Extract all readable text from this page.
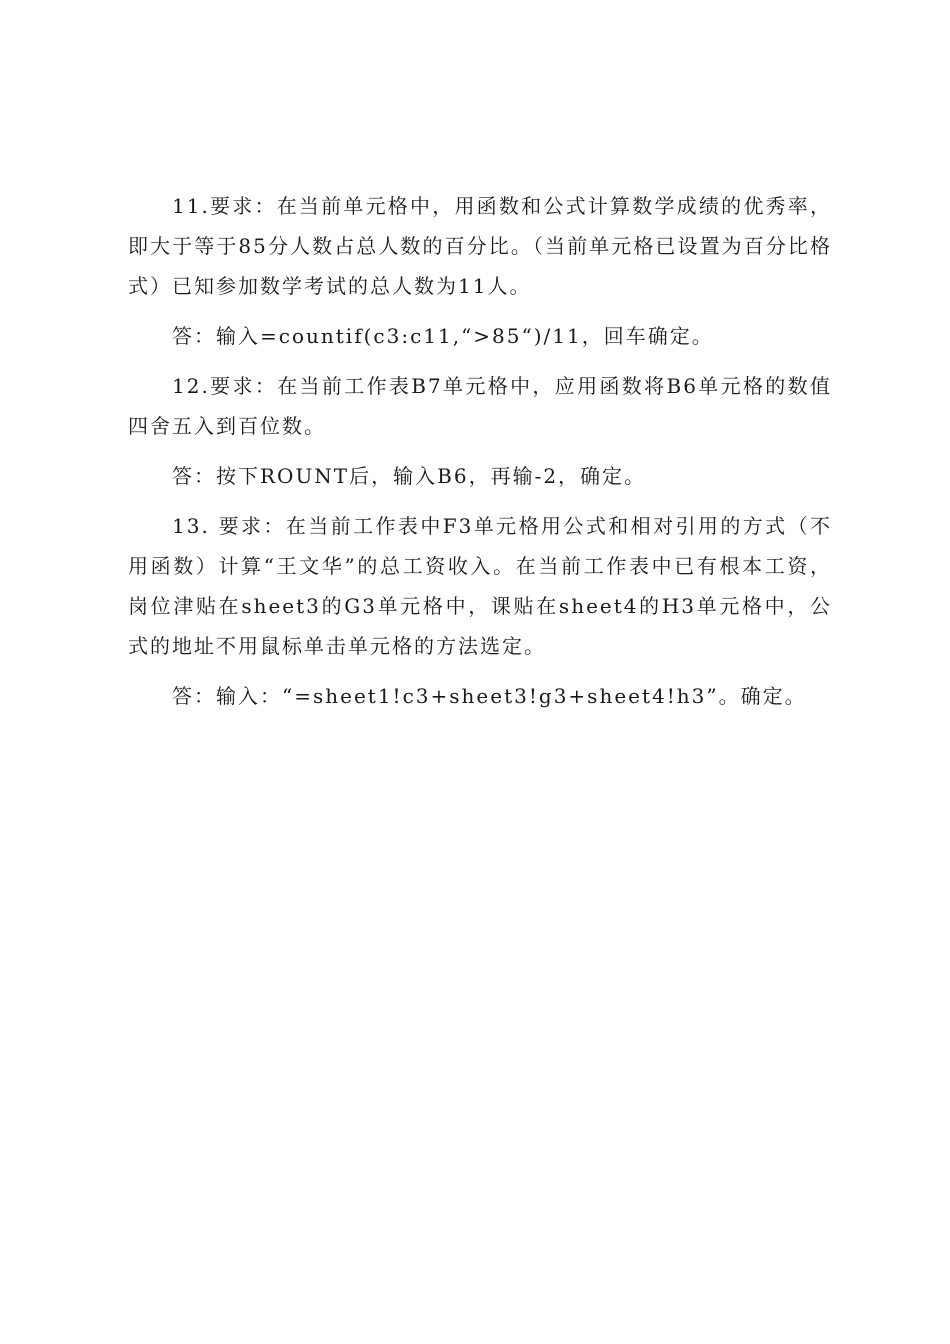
11.要求：在当前单元格中，用函数和公式计算数学成绩的优秀率，即大于等于85分人数占总人数的百分比。（当前单元格已设置为百分比格式）已知参加数学考试的总人数为11人。

答：输入=countif(c3:c11,“>85“)/11，回车确定。

12.要求：在当前工作表B7单元格中，应用函数将B6单元格的数值四舍五入到百位数。

答：按下ROUNT后，输入B6，再输-2，确定。

13. 要求：在当前工作表中F3单元格用公式和相对引用的方式（不用函数）计算“王文华”的总工资收入。在当前工作表中已有根本工资，岗位津贴在sheet3的G3单元格中，课贴在sheet4的H3单元格中，公式的地址不用鼠标单击单元格的方法选定。

答：输入：“=sheet1!c3+sheet3!g3+sheet4!h3”。确定。
